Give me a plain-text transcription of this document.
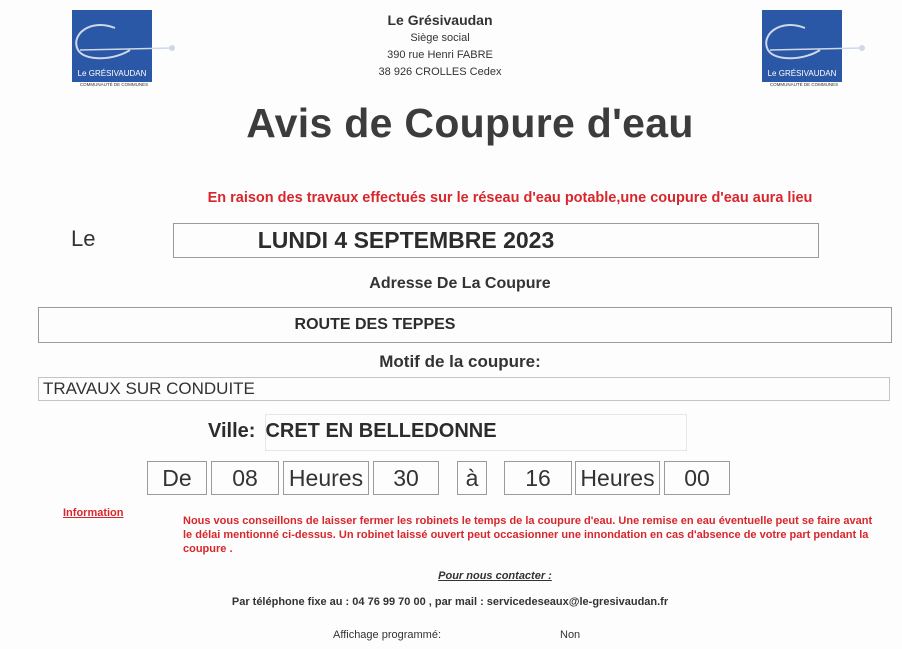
Le GRÉSIVAUDAN
COMMUNAUTÉ DE COMMUNES
Le GRÉSIVAUDAN
COMMUNAUTÉ DE COMMUNES
Le Grésivaudan
Siège social
390 rue Henri FABRE
38 926 CROLLES Cedex
Avis de Coupure d'eau
En raison des travaux effectués sur le réseau d'eau potable,une coupure d'eau aura lieu
Le	LUNDI 4 SEPTEMBRE 2023
Adresse De La Coupure
ROUTE DES TEPPES
Motif de la coupure:
TRAVAUX SUR CONDUITE
Ville: CRET EN BELLEDONNE
De	08	Heures	30	à	16	Heures	00
Information
Nous vous conseillons de laisser fermer les robinets le temps de la coupure d'eau. Une remise en eau éventuelle peut se faire avant le délai mentionné ci-dessus. Un robinet laissé ouvert peut occasionner une innondation en cas d'absence de votre part pendant la coupure .
Pour nous contacter :
Par téléphone fixe au : 04 76 99 70 00 , par mail : servicedeseaux@le-gresivaudan.fr
Affichage programmé:	Non
